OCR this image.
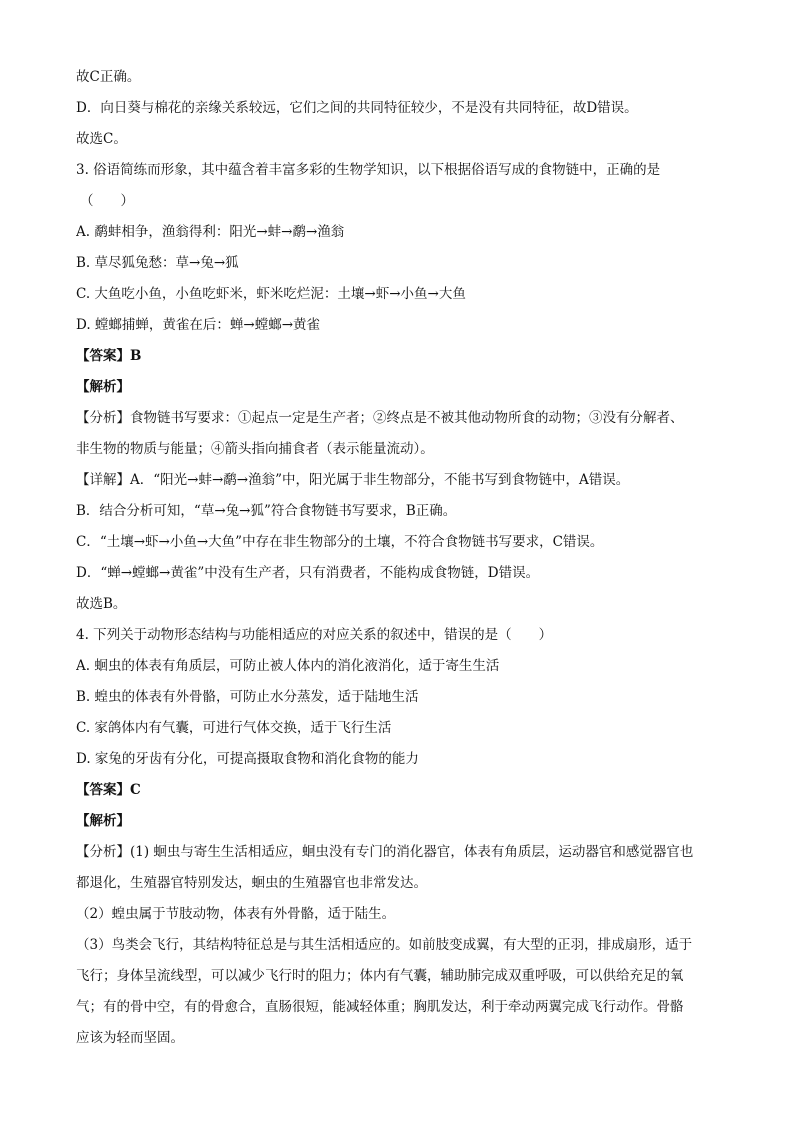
故C正确。
D．向日葵与棉花的亲缘关系较远，它们之间的共同特征较少，不是没有共同特征，故D错误。
故选C。
3. 俗语简练而形象，其中蕴含着丰富多彩的生物学知识，以下根据俗语写成的食物链中，正确的是
（　　）
A. 鹬蚌相争，渔翁得利：阳光→蚌→鹬→渔翁
B. 草尽狐兔愁：草→兔→狐
C. 大鱼吃小鱼，小鱼吃虾米，虾米吃烂泥：土壤→虾→小鱼→大鱼
D. 螳螂捕蝉，黄雀在后：蝉→螳螂→黄雀
【答案】B
【解析】
【分析】食物链书写要求：①起点一定是生产者；②终点是不被其他动物所食的动物；③没有分解者、
非生物的物质与能量；④箭头指向捕食者（表示能量流动）。
【详解】A．“阳光→蚌→鹬→渔翁”中，阳光属于非生物部分，不能书写到食物链中，A错误。
B．结合分析可知，“草→兔→狐”符合食物链书写要求，B正确。
C．“土壤→虾→小鱼→大鱼”中存在非生物部分的土壤，不符合食物链书写要求，C错误。
D．“蝉→螳螂→黄雀”中没有生产者，只有消费者，不能构成食物链，D错误。
故选B。
4. 下列关于动物形态结构与功能相适应的对应关系的叙述中，错误的是（　　）
A. 蛔虫的体表有角质层，可防止被人体内的消化液消化，适于寄生生活
B. 蝗虫的体表有外骨骼，可防止水分蒸发，适于陆地生活
C. 家鸽体内有气囊，可进行气体交换，适于飞行生活
D. 家兔的牙齿有分化，可提高摄取食物和消化食物的能力
【答案】C
【解析】
【分析】(1) 蛔虫与寄生生活相适应，蛔虫没有专门的消化器官，体表有角质层，运动器官和感觉器官也
都退化，生殖器官特别发达，蛔虫的生殖器官也非常发达。
（2）蝗虫属于节肢动物，体表有外骨骼，适于陆生。
（3）鸟类会飞行，其结构特征总是与其生活相适应的。如前肢变成翼，有大型的正羽，排成扇形，适于
飞行；身体呈流线型，可以减少飞行时的阻力；体内有气囊，辅助肺完成双重呼吸，可以供给充足的氧
气；有的骨中空，有的骨愈合，直肠很短，能减轻体重；胸肌发达，利于牵动两翼完成飞行动作。骨骼
应该为轻而坚固。
